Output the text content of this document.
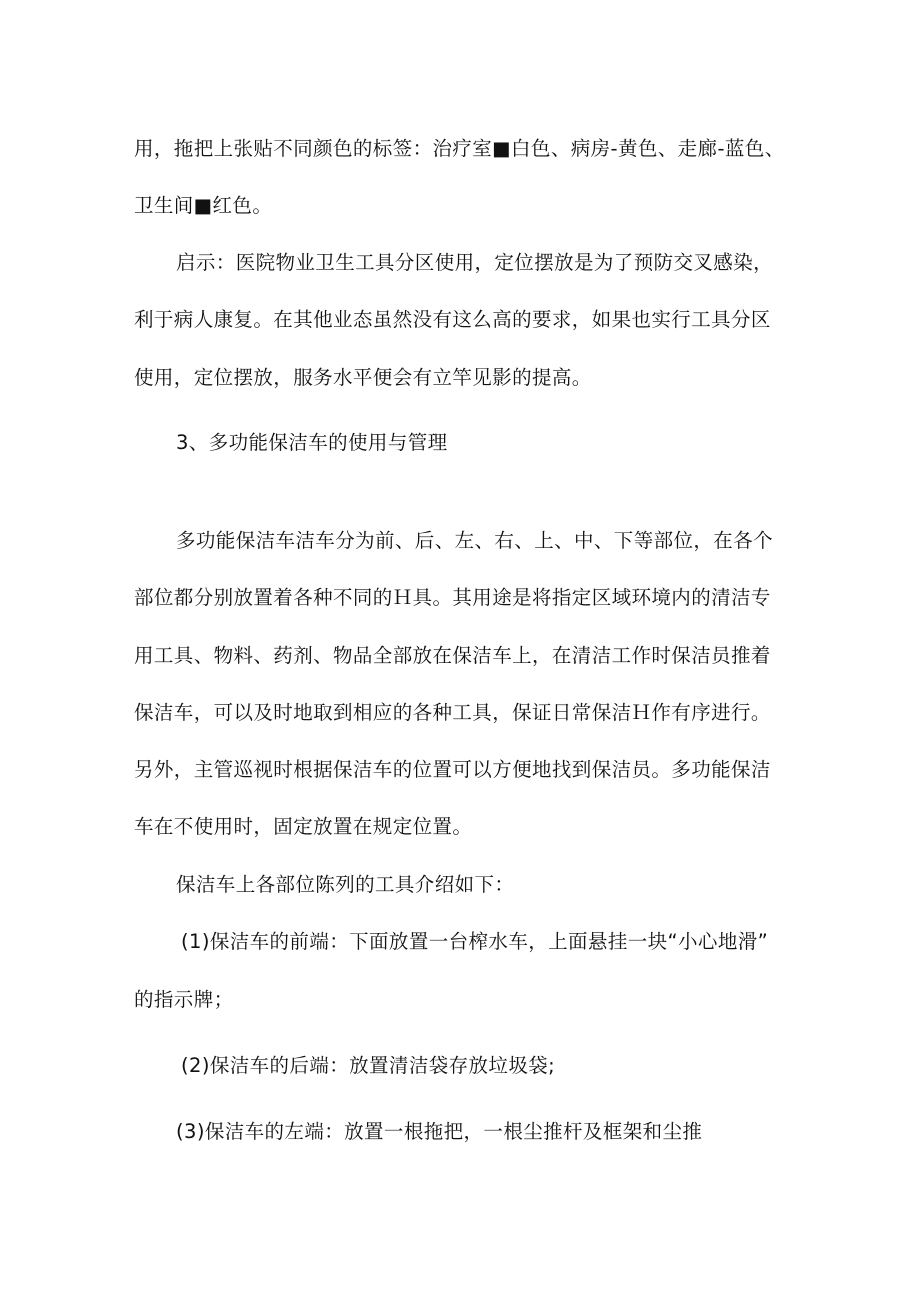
用，拖把上张贴不同颜色的标签：治疗室■白色、病房-黄色、走廊-蓝色、
卫生间■红色。
启示：医院物业卫生工具分区使用，定位摆放是为了预防交叉感染，
利于病人康复。在其他业态虽然没有这么高的要求，如果也实行工具分区
使用，定位摆放，服务水平便会有立竿见影的提高。
3、多功能保洁车的使用与管理
多功能保洁车洁车分为前、后、左、右、上、中、下等部位，在各个
部位都分别放置着各种不同的Ｈ具。其用途是将指定区域环境内的清洁专
用工具、物料、药剂、物品全部放在保洁车上，在清洁工作时保洁员推着
保洁车，可以及时地取到相应的各种工具，保证日常保洁Ｈ作有序进行。
另外，主管巡视时根据保洁车的位置可以方便地找到保洁员。多功能保洁
车在不使用时，固定放置在规定位置。
保洁车上各部位陈列的工具介绍如下：
(1)保洁车的前端：下面放置一台榨水车，上面悬挂一块“小心地滑”
的指示牌；
(2)保洁车的后端：放置清洁袋存放垃圾袋;
(3)保洁车的左端：放置一根拖把，一根尘推杆及框架和尘推
